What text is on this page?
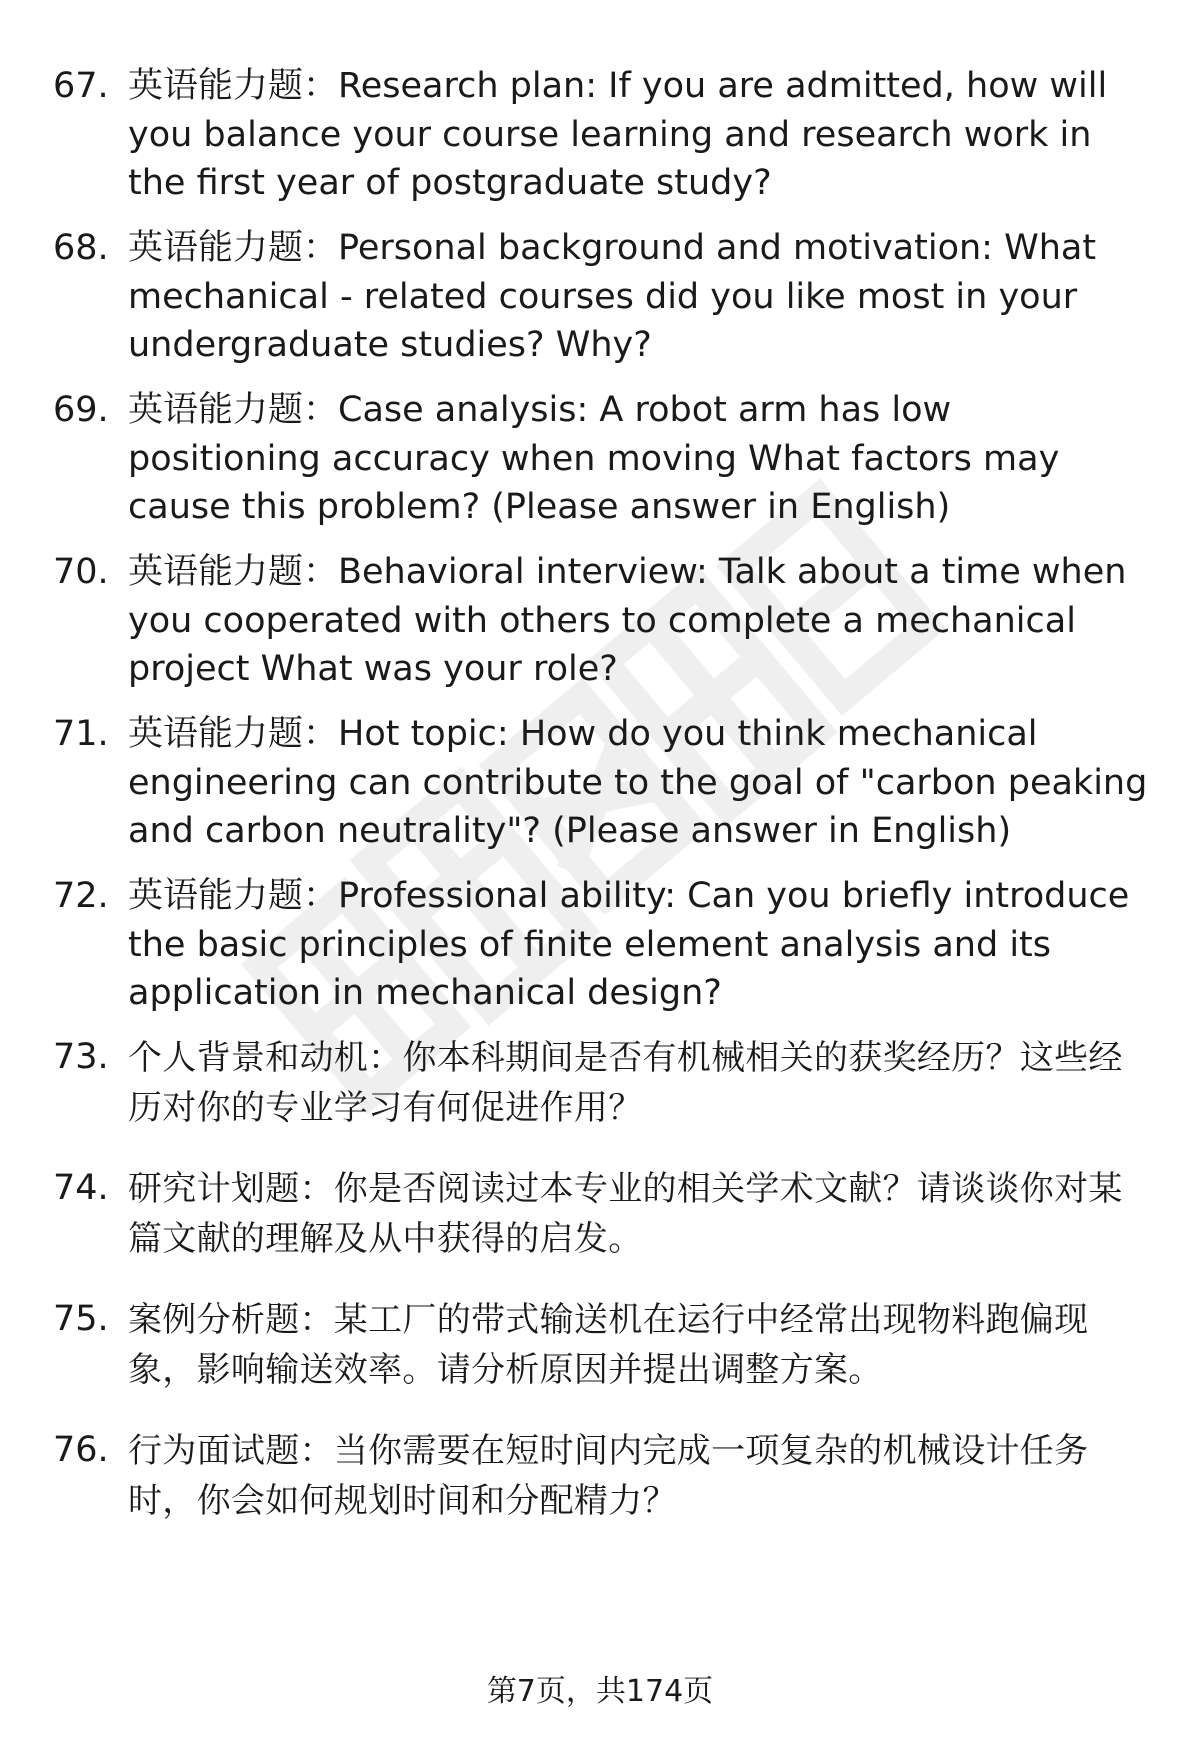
67. 英语能力题：Research plan: If you are admitted, how will you balance your course learning and research work in the first year of postgraduate study?
68. 英语能力题：Personal background and motivation: What mechanical - related courses did you like most in your undergraduate studies? Why?
69. 英语能力题：Case analysis: A robot arm has low positioning accuracy when moving What factors may cause this problem? (Please answer in English)
70. 英语能力题：Behavioral interview: Talk about a time when you cooperated with others to complete a mechanical project What was your role?
71. 英语能力题：Hot topic: How do you think mechanical engineering can contribute to the goal of "carbon peaking and carbon neutrality"? (Please answer in English)
72. 英语能力题：Professional ability: Can you briefly introduce the basic principles of finite element analysis and its application in mechanical design?
73. 个人背景和动机：你本科期间是否有机械相关的获奖经历？这些经历对你的专业学习有何促进作用？
74. 研究计划题：你是否阅读过本专业的相关学术文献？请谈谈你对某篇文献的理解及从中获得的启发。
75. 案例分析题：某工厂的带式输送机在运行中经常出现物料跑偏现象，影响输送效率。请分析原因并提出调整方案。
76. 行为面试题：当你需要在短时间内完成一项复杂的机械设计任务时，你会如何规划时间和分配精力？
第7页，共174页
